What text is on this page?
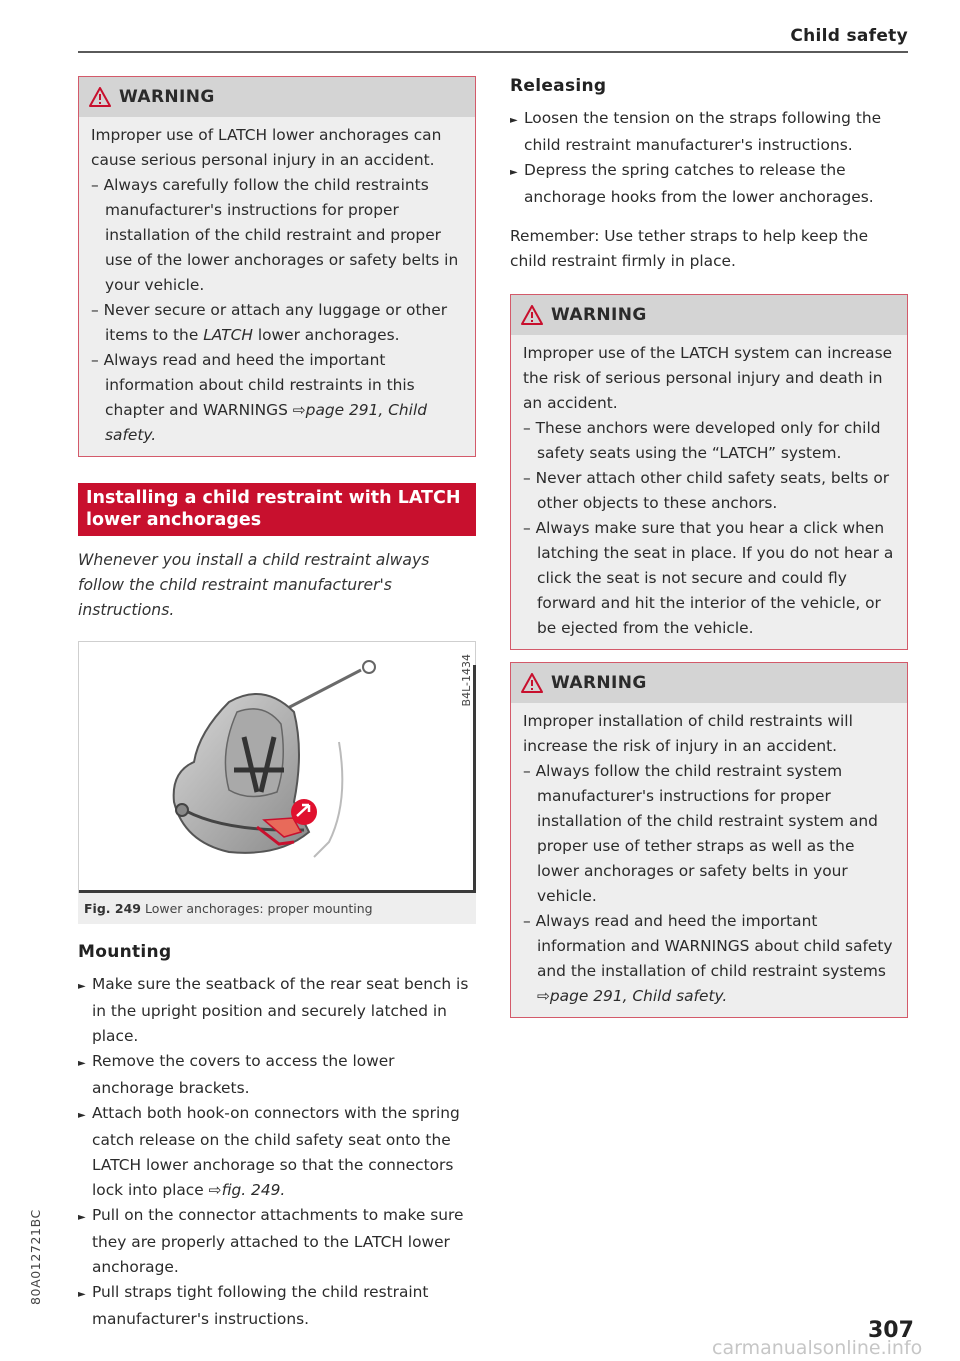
Child safety
WARNING

Improper use of LATCH lower anchorages can cause serious personal injury in an accident.

– Always carefully follow the child restraints manufacturer's instructions for proper installation of the child restraint and proper use of the lower anchorages or safety belts in your vehicle.

– Never secure or attach any luggage or other items to the LATCH lower anchorages.

– Always read and heed the important information about child restraints in this chapter and WARNINGS ⇨page 291, Child safety.

Installing a child restraint with LATCH lower anchorages

Whenever you install a child restraint always follow the child restraint manufacturer's instructions.

B4L-1434
Fig. 249 Lower anchorages: proper mounting
Mounting

► Make sure the seatback of the rear seat bench is in the upright position and securely latched in place.

► Remove the covers to access the lower anchorage brackets.

► Attach both hook-on connectors with the spring catch release on the child safety seat onto the LATCH lower anchorage so that the connectors lock into place ⇨fig. 249.

► Pull on the connector attachments to make sure they are properly attached to the LATCH lower anchorage.

► Pull straps tight following the child restraint manufacturer's instructions.

Releasing

► Loosen the tension on the straps following the child restraint manufacturer's instructions.

► Depress the spring catches to release the anchorage hooks from the lower anchorages.

Remember: Use tether straps to help keep the child restraint firmly in place.

WARNING

Improper use of the LATCH system can increase the risk of serious personal injury and death in an accident.

– These anchors were developed only for child safety seats using the “LATCH” system.

– Never attach other child safety seats, belts or other objects to these anchors.

– Always make sure that you hear a click when latching the seat in place. If you do not hear a click the seat is not secure and could fly forward and hit the interior of the vehicle, or be ejected from the vehicle.

WARNING

Improper installation of child restraints will increase the risk of injury in an accident.

– Always follow the child restraint system manufacturer's instructions for proper installation of the child restraint system and proper use of tether straps as well as the lower anchorages or safety belts in your vehicle.

– Always read and heed the important information and WARNINGS about child safety and the installation of child restraint systems ⇨page 291, Child safety.

80A012721BC
307
carmanualsonline.info
